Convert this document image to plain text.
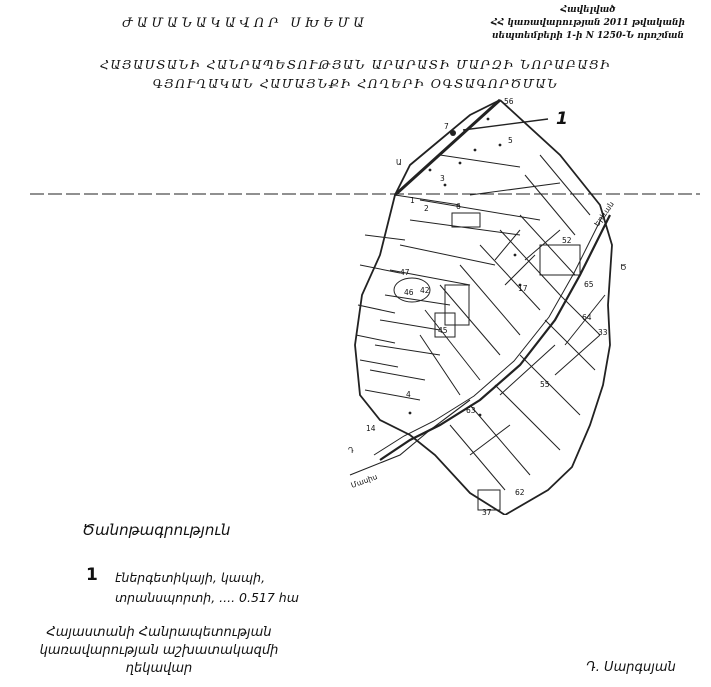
ԺԱՄԱՆԱԿԱՎՈՐ ՍԽԵՄԱ
Հավելված
ՀՀ կառավարության 2011 թվականի
սեպտեմբերի 1-ի N 1250-Ն որոշման
ՀԱՅԱՍՏԱՆԻ ՀԱՆՐԱՊԵՏՈՒԹՅԱՆ ԱՐԱՐԱՏԻ ՄԱՐԶԻ ՆՈՐԱԲԱՑԻ
ԳՅՈՒՂԱԿԱՆ ՀԱՄԱՅՆՔԻ ՀՈՂԵՐԻ ՕԳՏԱԳՈՐԾՄԱՆ
56
Ա
Երևան
Մասիս
Դ
Ծ
7
5
3
1
2	6
52
17
47
46 42
45
64
63
55
4
33
37
65
62
14
1
Ծանոթագրություն
1 էներգետիկայի, կապի,
տրանսպորտի, .... 0.517 հա
Հայաստանի Հանրապետության
կառավարության աշխատակազմի
ղեկավար	Դ. Սարգսյան
